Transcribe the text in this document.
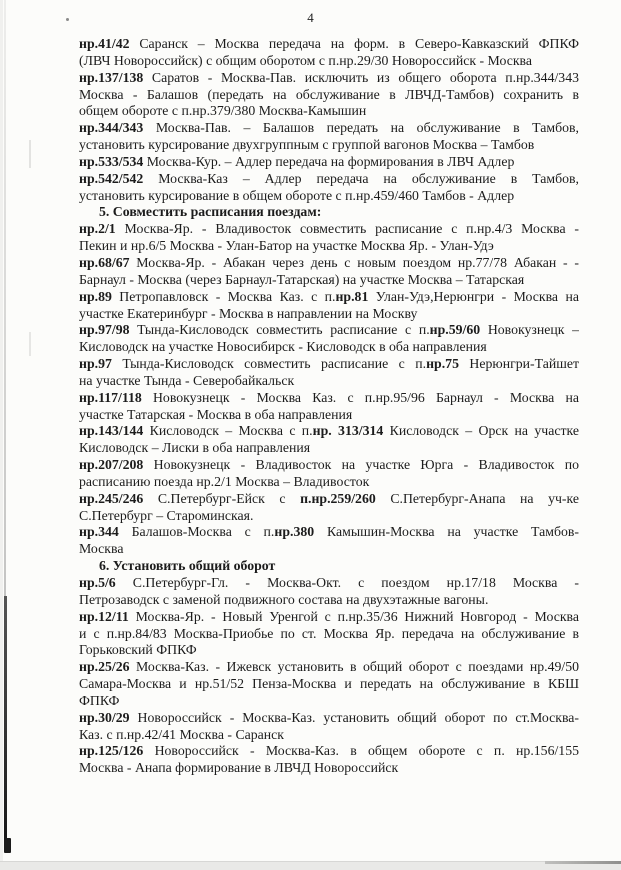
4
нр.41/42 Саранск – Москва передача на форм. в Северо-Кавказский ФПКФ
(ЛВЧ Новороссийск) с общим оборотом с п.нр.29/30 Новороссийск - Москва
нр.137/138 Саратов - Москва-Пав. исключить из общего оборота п.нр.344/343
Москва - Балашов (передать на обслуживание в ЛВЧД-Тамбов) сохранить в
общем обороте с п.нр.379/380 Москва-Камышин
нр.344/343 Москва-Пав. – Балашов передать на обслуживание в Тамбов,
установить курсирование двухгруппным с группой вагонов Москва – Тамбов
нр.533/534 Москва-Кур. – Адлер передача на формирования в ЛВЧ Адлер
нр.542/542 Москва-Каз – Адлер передача на обслуживание в Тамбов,
установить курсирование в общем обороте с п.нр.459/460 Тамбов - Адлер
5. Совместить расписания поездам:
нр.2/1 Москва-Яр. - Владивосток совместить расписание с п.нр.4/3 Москва -
Пекин и нр.6/5 Москва - Улан-Батор на участке Москва Яр. - Улан-Удэ
нр.68/67 Москва-Яр. - Абакан через день с новым поездом нр.77/78 Абакан - -
Барнаул - Москва (через Барнаул-Татарская) на участке Москва – Татарская
нр.89 Петропавловск - Москва Каз. с п.нр.81 Улан-Удэ,Нерюнгри - Москва на
участке Екатеринбург - Москва в направлении на Москву
нр.97/98 Тында-Кисловодск совместить расписание с п.нр.59/60 Новокузнецк –
Кисловодск на участке Новосибирск - Кисловодск в оба направления
нр.97 Тында-Кисловодск совместить расписание с п.нр.75 Нерюнгри-Тайшет
на участке Тында - Северобайкальск
нр.117/118 Новокузнецк - Москва Каз. с п.нр.95/96 Барнаул - Москва на
участке Татарская - Москва в оба направления
нр.143/144 Кисловодск – Москва с п.нр. 313/314 Кисловодск – Орск на участке
Кисловодск – Лиски в оба направления
нр.207/208 Новокузнецк - Владивосток на участке Юрга - Владивосток по
расписанию поезда нр.2/1 Москва – Владивосток
нр.245/246 С.Петербург-Ейск с п.нр.259/260 С.Петербург-Анапа на уч-ке
С.Петербург – Староминская.
нр.344 Балашов-Москва с п.нр.380 Камышин-Москва на участке Тамбов-
Москва
6. Установить общий оборот
нр.5/6 С.Петербург-Гл. - Москва-Окт. с поездом нр.17/18 Москва -
Петрозаводск с заменой подвижного состава на двухэтажные вагоны.
нр.12/11 Москва-Яр. - Новый Уренгой с п.нр.35/36 Нижний Новгород - Москва
и с п.нр.84/83 Москва-Приобье по ст. Москва Яр. передача на обслуживание в
Горьковский ФПКФ
нр.25/26 Москва-Каз. - Ижевск установить в общий оборот с поездами нр.49/50
Самара-Москва и нр.51/52 Пенза-Москва и передать на обслуживание в КБШ
ФПКФ
нр.30/29 Новороссийск - Москва-Каз. установить общий оборот по ст.Москва-
Каз. с п.нр.42/41 Москва - Саранск
нр.125/126 Новороссийск - Москва-Каз. в общем обороте с п. нр.156/155
Москва - Анапа формирование в ЛВЧД Новороссийск
